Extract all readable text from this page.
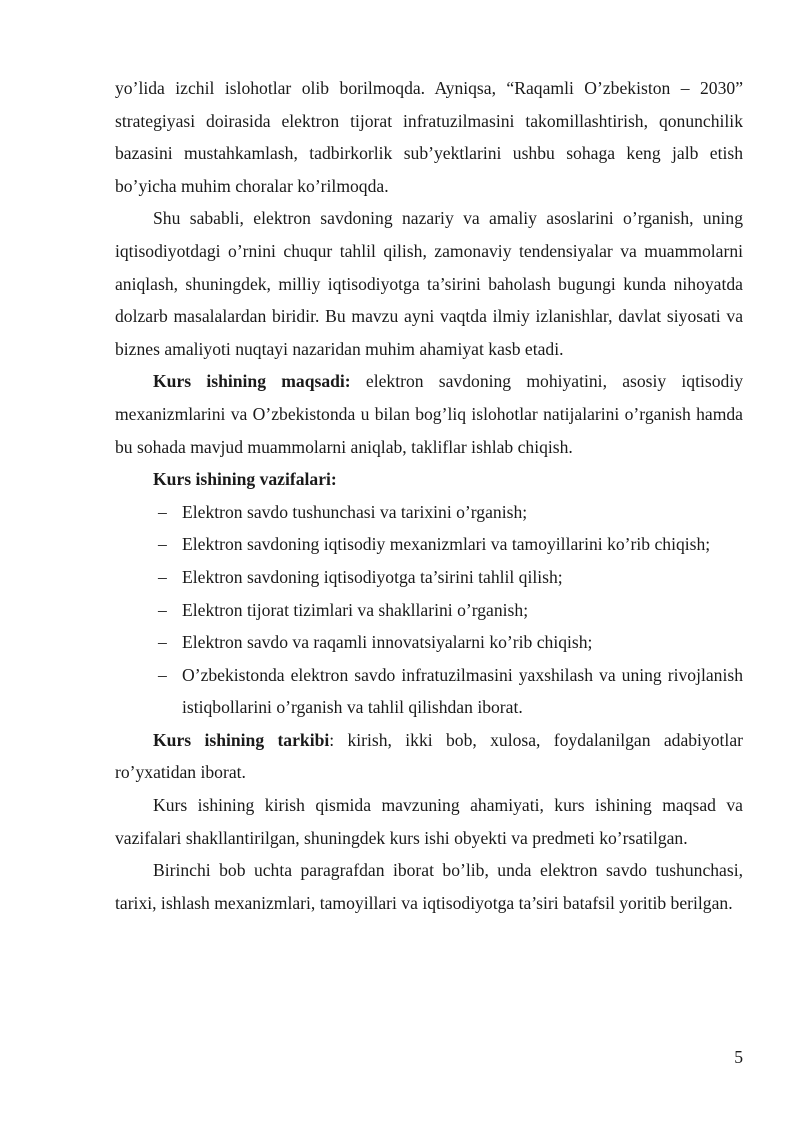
yo’lida izchil islohotlar olib borilmoqda. Ayniqsa, “Raqamli O’zbekiston – 2030” strategiyasi doirasida elektron tijorat infratuzilmasini takomillashtirish, qonunchilik bazasini mustahkamlash, tadbirkorlik sub’yektlarini ushbu sohaga keng jalb etish bo’yicha muhim choralar ko’rilmoqda.

Shu sababli, elektron savdoning nazariy va amaliy asoslarini o’rganish, uning iqtisodiyotdagi o’rnini chuqur tahlil qilish, zamonaviy tendensiyalar va muammolarni aniqlash, shuningdek, milliy iqtisodiyotga ta’sirini baholash bugungi kunda nihoyatda dolzarb masalalardan biridir. Bu mavzu ayni vaqtda ilmiy izlanishlar, davlat siyosati va biznes amaliyoti nuqtayi nazaridan muhim ahamiyat kasb etadi.

Kurs ishining maqsadi: elektron savdoning mohiyatini, asosiy iqtisodiy mexanizmlarini va O’zbekistonda u bilan bog’liq islohotlar natijalarini o’rganish hamda bu sohada mavjud muammolarni aniqlab, takliflar ishlab chiqish.

Kurs ishining vazifalari:

– Elektron savdo tushunchasi va tarixini o’rganish;
– Elektron savdoning iqtisodiy mexanizmlari va tamoyillarini ko’rib chiqish;
– Elektron savdoning iqtisodiyotga ta’sirini tahlil qilish;
– Elektron tijorat tizimlari va shakllarini o’rganish;
– Elektron savdo va raqamli innovatsiyalarni ko’rib chiqish;
– O’zbekistonda elektron savdo infratuzilmasini yaxshilash va uning rivojlanish istiqbollarini o’rganish va tahlil qilishdan iborat.

Kurs ishining tarkibi: kirish, ikki bob, xulosa, foydalanilgan adabiyotlar ro’yxatidan iborat.

Kurs ishining kirish qismida mavzuning ahamiyati, kurs ishining maqsad va vazifalari shakllantirilgan, shuningdek kurs ishi obyekti va predmeti ko’rsatilgan.

Birinchi bob uchta paragrafdan iborat bo’lib, unda elektron savdo tushunchasi, tarixi, ishlash mexanizmlari, tamoyillari va iqtisodiyotga ta’siri batafsil yoritib berilgan.

5
